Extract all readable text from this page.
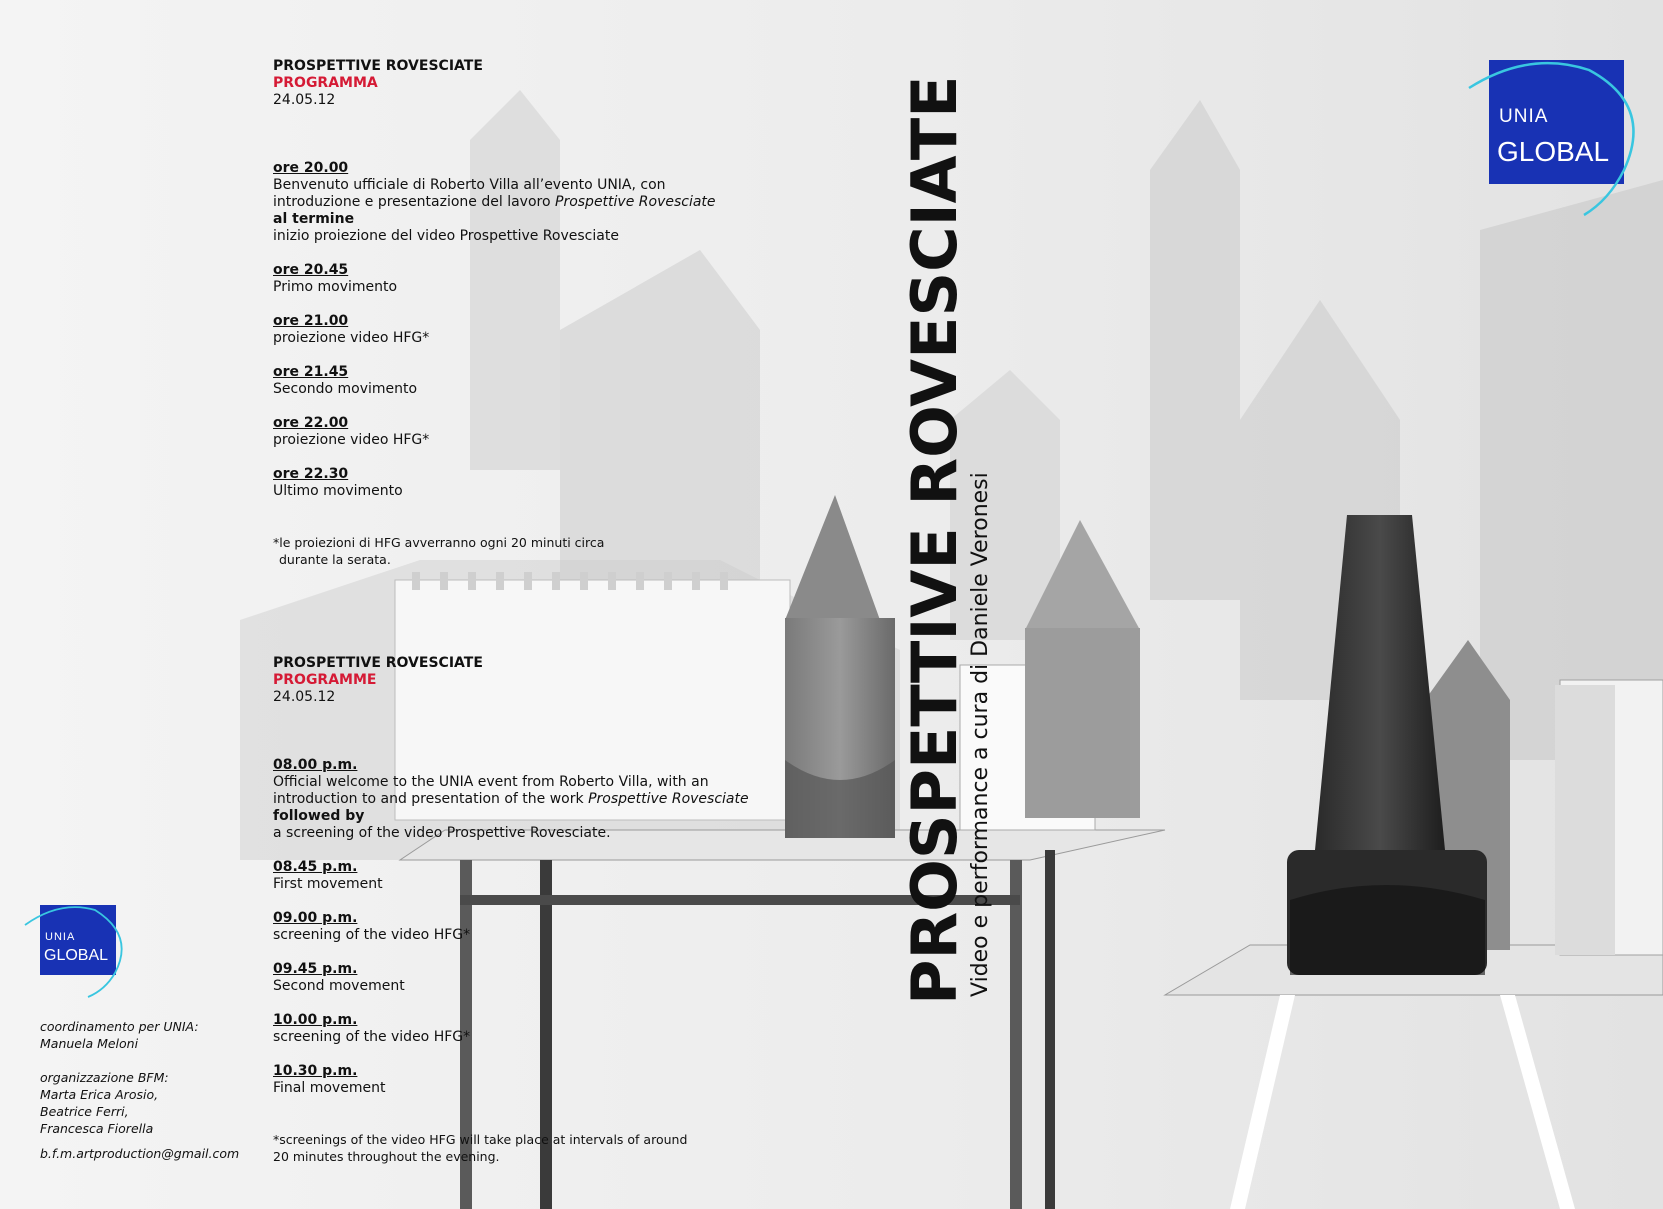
PROSPETTIVE ROVESCIATE
PROGRAMMA
24.05.12
ore 20.00
Benvenuto ufficiale di Roberto Villa all’evento UNIA, con
introduzione e presentazione del lavoro Prospettive Rovesciate
al termine
inizio proiezione del video Prospettive Rovesciate
ore 20.45
Primo movimento
ore 21.00
proiezione video HFG*
ore 21.45
Secondo movimento
ore 22.00
proiezione video HFG*
ore 22.30
Ultimo movimento
*le proiezioni di HFG avverranno ogni 20 minuti circa
durante la serata.
PROSPETTIVE ROVESCIATE
PROGRAMME
24.05.12
08.00 p.m.
Official welcome to the UNIA event from Roberto Villa, with an
introduction to and presentation of the work Prospettive Rovesciate
followed by
a screening of the video Prospettive Rovesciate.
08.45 p.m.
First movement
09.00 p.m.
screening of the video HFG*
09.45 p.m.
Second movement
10.00 p.m.
screening of the video HFG*
10.30 p.m.
Final movement
*screenings of the video HFG will take place at intervals of around
20 minutes throughout the evening.
PROSPETTIVE ROVESCIATE
Video e performance a cura di Daniele Veronesi
UNIA
GLOBAL
UNIA
GLOBAL
coordinamento per UNIA:
Manuela Meloni
organizzazione BFM:
Marta Erica Arosio,
Beatrice Ferri,
Francesca Fiorella
b.f.m.artproduction@gmail.com
